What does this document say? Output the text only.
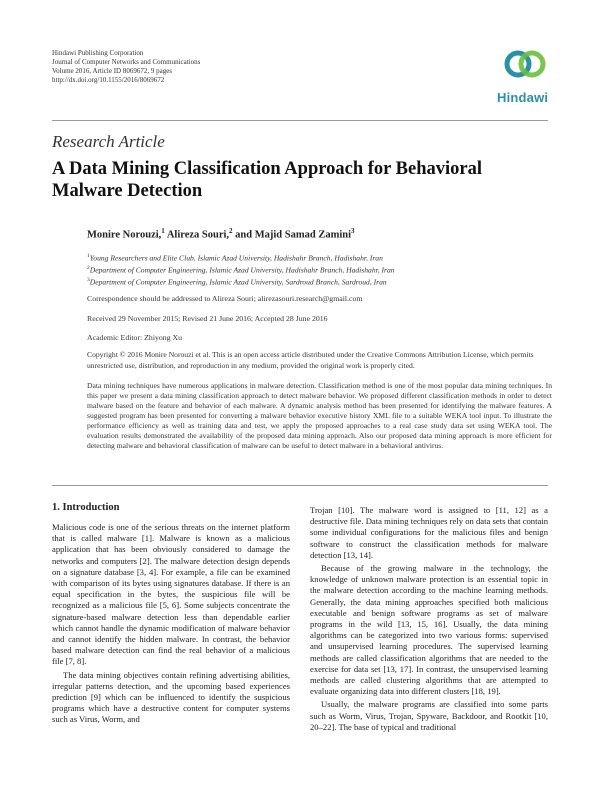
Hindawi Publishing Corporation
Journal of Computer Networks and Communications
Volume 2016, Article ID 8069672, 9 pages
http://dx.doi.org/10.1155/2016/8069672
Hindawi
Research Article
A Data Mining Classification Approach for Behavioral Malware Detection
Monire Norouzi,$^1$ Alireza Souri,$^2$ and Majid Samad Zamini$^3$
$^1$Young Researchers and Elite Club, Islamic Azad University, Hadishahr Branch, Hadishahr, Iran
$^2$Department of Computer Engineering, Islamic Azad University, Hadishahr Branch, Hadishahr, Iran
$^3$Department of Computer Engineering, Islamic Azad University, Sardroud Branch, Sardroud, Iran
Correspondence should be addressed to Alireza Souri; alirezasouri.research@gmail.com
Received 29 November 2015; Revised 21 June 2016; Accepted 28 June 2016
Academic Editor: Zhiyong Xu
Copyright © 2016 Monire Norouzi et al. This is an open access article distributed under the Creative Commons Attribution License, which permits unrestricted use, distribution, and reproduction in any medium, provided the original work is properly cited.
Data mining techniques have numerous applications in malware detection. Classification method is one of the most popular data mining techniques. In this paper we present a data mining classification approach to detect malware behavior. We proposed different classification methods in order to detect malware based on the feature and behavior of each malware. A dynamic analysis method has been presented for identifying the malware features. A suggested program has been presented for converting a malware behavior executive history XML file to a suitable WEKA tool input. To illustrate the performance efficiency as well as training data and test, we apply the proposed approaches to a real case study data set using WEKA tool. The evaluation results demonstrated the availability of the proposed data mining approach. Also our proposed data mining approach is more efficient for detecting malware and behavioral classification of malware can be useful to detect malware in a behavioral antivirus.
1. Introduction

Malicious code is one of the serious threats on the internet platform that is called malware [1]. Malware is known as a malicious application that has been obviously considered to damage the networks and computers [2]. The malware detection design depends on a signature database [3, 4]. For example, a file can be examined with comparison of its bytes using signatures database. If there is an equal specification in the bytes, the suspicious file will be recognized as a malicious file [5, 6]. Some subjects concentrate the signature-based malware detection less than dependable earlier which cannot handle the dynamic modification of malware behavior and cannot identify the hidden malware. In contrast, the behavior based malware detection can find the real behavior of a malicious file [7, 8].

The data mining objectives contain refining advertising abilities, irregular patterns detection, and the upcoming based experiences prediction [9] which can be influenced to identify the suspicious programs which have a destructive content for computer systems such as Virus, Worm, and

Trojan [10]. The malware word is assigned to [11, 12] as a destructive file. Data mining techniques rely on data sets that contain some individual configurations for the malicious files and benign software to construct the classification methods for malware detection [13, 14].

Because of the growing malware in the technology, the knowledge of unknown malware protection is an essential topic in the malware detection according to the machine learning methods. Generally, the data mining approaches specified both malicious executable and benign software programs as set of malware programs in the wild [13, 15, 16]. Usually, the data mining algorithms can be categorized into two various forms: supervised and unsupervised learning procedures. The supervised learning methods are called classification algorithms that are needed to the exercise for data set [13, 17]. In contrast, the unsupervised learning methods are called clustering algorithms that are attempted to evaluate organizing data into different clusters [18, 19].

Usually, the malware programs are classified into some parts such as Worm, Virus, Trojan, Spyware, Backdoor, and Rootkit [10, 20–22]. The base of typical and traditional
